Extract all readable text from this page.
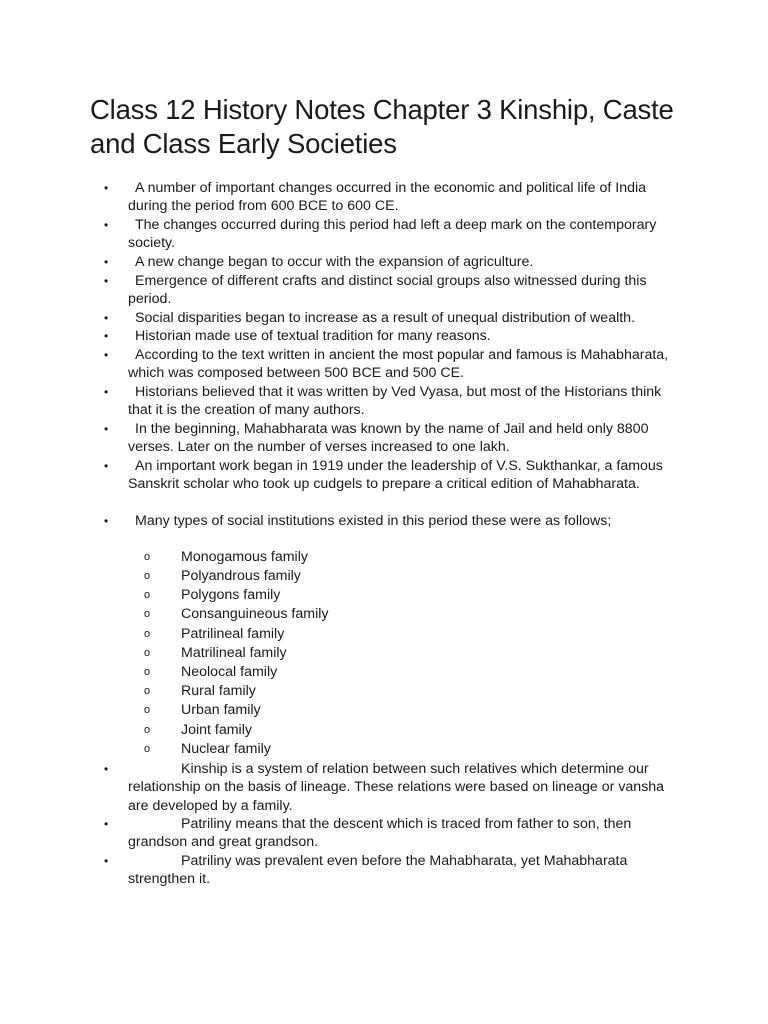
Class 12 History Notes Chapter 3 Kinship, Caste and Class Early Societies

• A number of important changes occurred in the economic and political life of India during the period from 600 BCE to 600 CE.

• The changes occurred during this period had left a deep mark on the contemporary society.

• A new change began to occur with the expansion of agriculture.

• Emergence of different crafts and distinct social groups also witnessed during this period.

• Social disparities began to increase as a result of unequal distribution of wealth.

• Historian made use of textual tradition for many reasons.

• According to the text written in ancient the most popular and famous is Mahabharata, which was composed between 500 BCE and 500 CE.

• Historians believed that it was written by Ved Vyasa, but most of the Historians think that it is the creation of many authors.

• In the beginning, Mahabharata was known by the name of Jail and held only 8800 verses. Later on the number of verses increased to one lakh.

• An important work began in 1919 under the leadership of V.S. Sukthankar, a famous Sanskrit scholar who took up cudgels to prepare a critical edition of Mahabharata.

• Many types of social institutions existed in this period these were as follows;

o Monogamous family
o Polyandrous family
o Polygons family
o Consanguineous family
o Patrilineal family
o Matrilineal family
o Neolocal family
o Rural family
o Urban family
o Joint family
o Nuclear family

•	Kinship is a system of relation between such relatives which determine our relationship on the basis of lineage. These relations were based on lineage or vansha are developed by a family.

•	Patriliny means that the descent which is traced from father to son, then grandson and great grandson.

•	Patriliny was prevalent even before the Mahabharata, yet Mahabharata strengthen it.
